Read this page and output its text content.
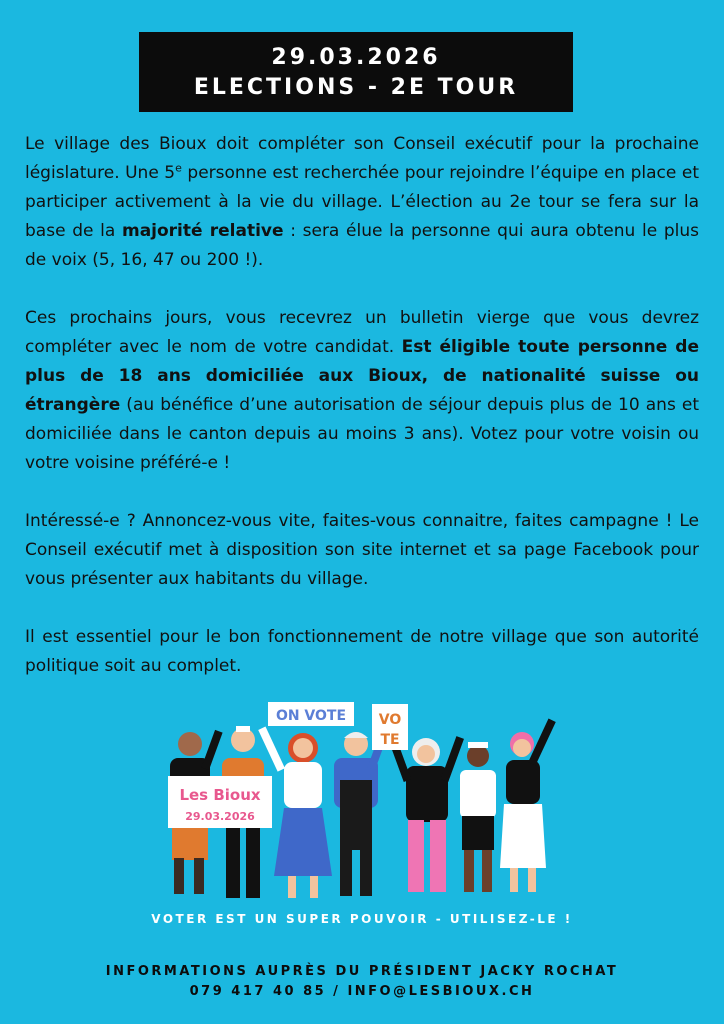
29.03.2026
ELECTIONS - 2E TOUR

Le village des Bioux doit compléter son Conseil exécutif pour la prochaine législature. Une 5e personne est recherchée pour rejoindre l’équipe en place et participer activement à la vie du village. L’élection au 2e tour se fera sur la base de la majorité relative : sera élue la personne qui aura obtenu le plus de voix (5, 16, 47 ou 200 !).

Ces prochains jours, vous recevrez un bulletin vierge que vous devrez compléter avec le nom de votre candidat. Est éligible toute personne de plus de 18 ans domiciliée aux Bioux, de nationalité suisse ou étrangère (au bénéfice d’une autorisation de séjour depuis plus de 10 ans et domiciliée dans le canton depuis au moins 3 ans). Votez pour votre voisin ou votre voisine préféré-e !

Intéressé-e ? Annoncez-vous vite, faites-vous connaitre, faites campagne ! Le Conseil exécutif met à disposition son site internet et sa page Facebook pour vous présenter aux habitants du village.

Il est essentiel pour le bon fonctionnement de notre village que son autorité politique soit au complet.

ON VOTE VO
TE
Les Bioux
29.03.2026
VOTER EST UN SUPER POUVOIR - UTILISEZ-LE !
INFORMATIONS AUPRÈS DU PRÉSIDENT JACKY ROCHAT
079 417 40 85 / INFO@LESBIOUX.CH
